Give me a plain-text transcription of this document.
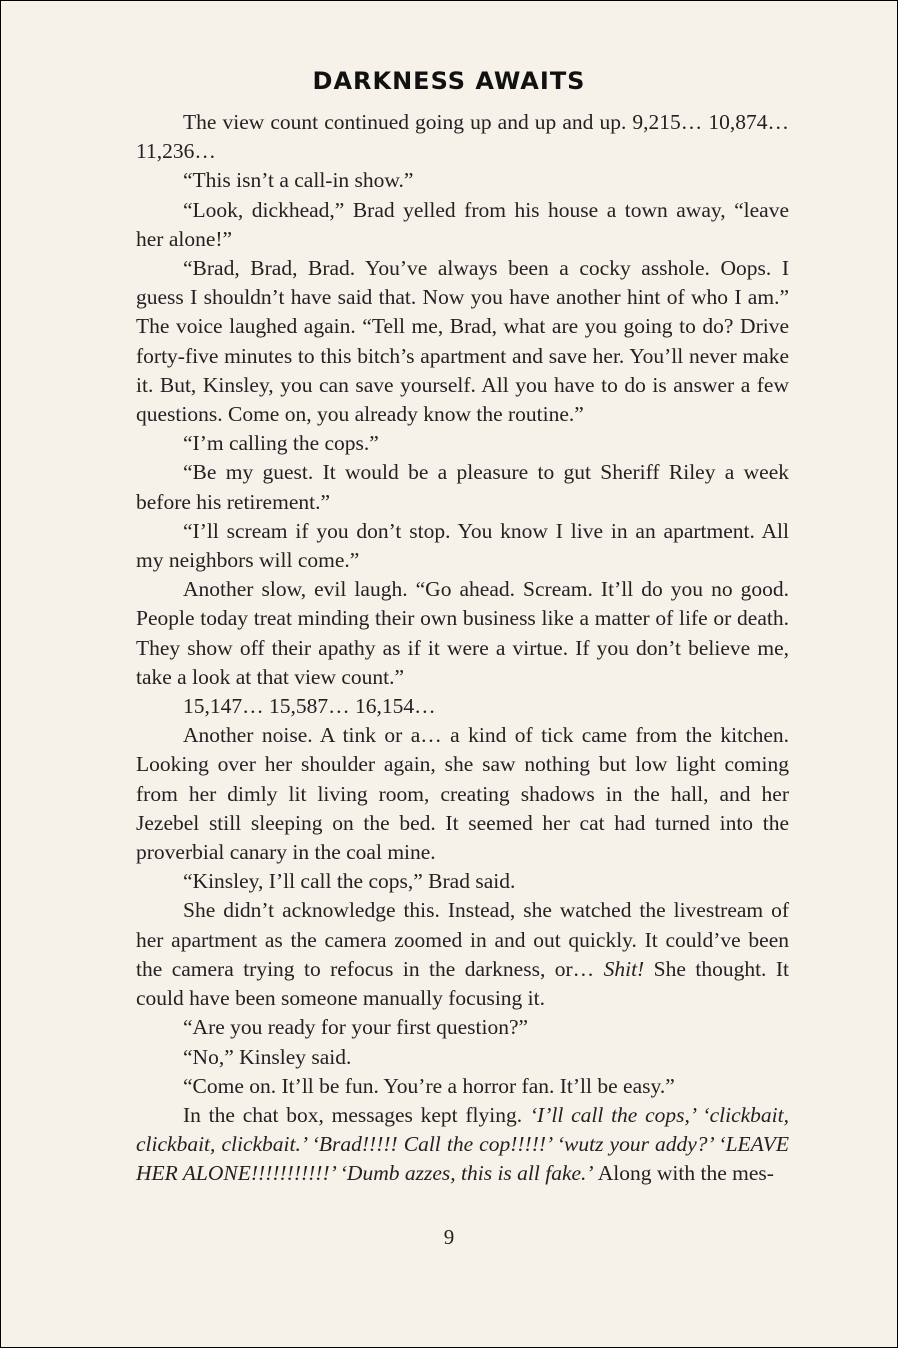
DARKNESS AWAITS

The view count continued going up and up and up. 9,215… 10,874… 11,236…

“This isn’t a call-in show.”

“Look, dickhead,” Brad yelled from his house a town away, “leave her alone!”

“Brad, Brad, Brad. You’ve always been a cocky asshole. Oops. I guess I shouldn’t have said that. Now you have another hint of who I am.” The voice laughed again. “Tell me, Brad, what are you going to do? Drive forty-five minutes to this bitch’s apartment and save her. You’ll never make it. But, Kinsley, you can save yourself. All you have to do is answer a few questions. Come on, you already know the routine.”

“I’m calling the cops.”

“Be my guest. It would be a pleasure to gut Sheriff Riley a week before his retirement.”

“I’ll scream if you don’t stop. You know I live in an apartment. All my neighbors will come.”

Another slow, evil laugh. “Go ahead. Scream. It’ll do you no good. People today treat minding their own business like a matter of life or death. They show off their apathy as if it were a virtue. If you don’t believe me, take a look at that view count.”

15,147… 15,587… 16,154…

Another noise. A tink or a… a kind of tick came from the kitchen. Looking over her shoulder again, she saw nothing but low light coming from her dimly lit living room, creating shadows in the hall, and her Jezebel still sleeping on the bed. It seemed her cat had turned into the proverbial canary in the coal mine.

“Kinsley, I’ll call the cops,” Brad said.

She didn’t acknowledge this. Instead, she watched the livestream of her apartment as the camera zoomed in and out quickly. It could’ve been the camera trying to refocus in the darkness, or… Shit! She thought. It could have been someone manually focusing it.

“Are you ready for your first question?”

“No,” Kinsley said.

“Come on. It’ll be fun. You’re a horror fan. It’ll be easy.”

In the chat box, messages kept flying. ‘I’ll call the cops,’ ‘clickbait, clickbait, clickbait.’ ‘Brad!!!!! Call the cop!!!!!’ ‘wutz your addy?’ ‘LEAVE HER ALONE!!!!!!!!!!!’ ‘Dumb azzes, this is all fake.’ Along with the mes-

9
